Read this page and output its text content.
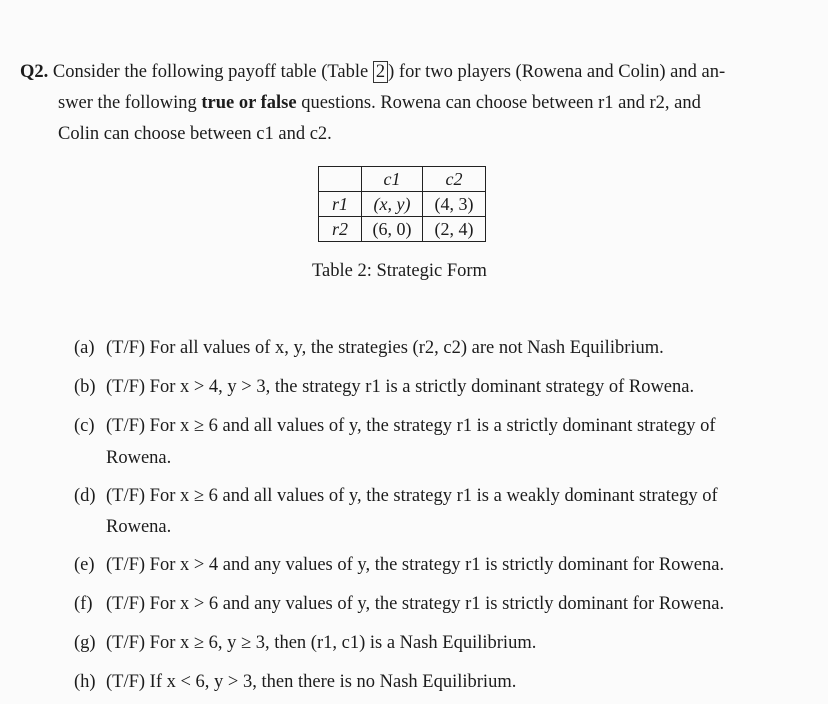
Q2. Consider the following payoff table (Table 2 ) for two players (Rowena and Colin) and an-
swer the following true or false questions. Rowena can choose between r1 and r2, and
Colin can choose between c1 and c2.
	c1	c2
r1	(x, y)	(4, 3)
r2	(6, 0)	(2, 4)
Table 2: Strategic Form
(a) (T/F) For all values of x, y, the strategies (r2, c2) are not Nash Equilibrium.
(b) (T/F) For x > 4, y > 3, the strategy r1 is a strictly dominant strategy of Rowena.
(c) (T/F) For x ≥ 6 and all values of y, the strategy r1 is a strictly dominant strategy of
Rowena.
(d) (T/F) For x ≥ 6 and all values of y, the strategy r1 is a weakly dominant strategy of
Rowena.
(e) (T/F) For x > 4 and any values of y, the strategy r1 is strictly dominant for Rowena.
(f) (T/F) For x > 6 and any values of y, the strategy r1 is strictly dominant for Rowena.
(g) (T/F) For x ≥ 6, y ≥ 3, then (r1, c1) is a Nash Equilibrium.
(h) (T/F) If x < 6, y > 3, then there is no Nash Equilibrium.
